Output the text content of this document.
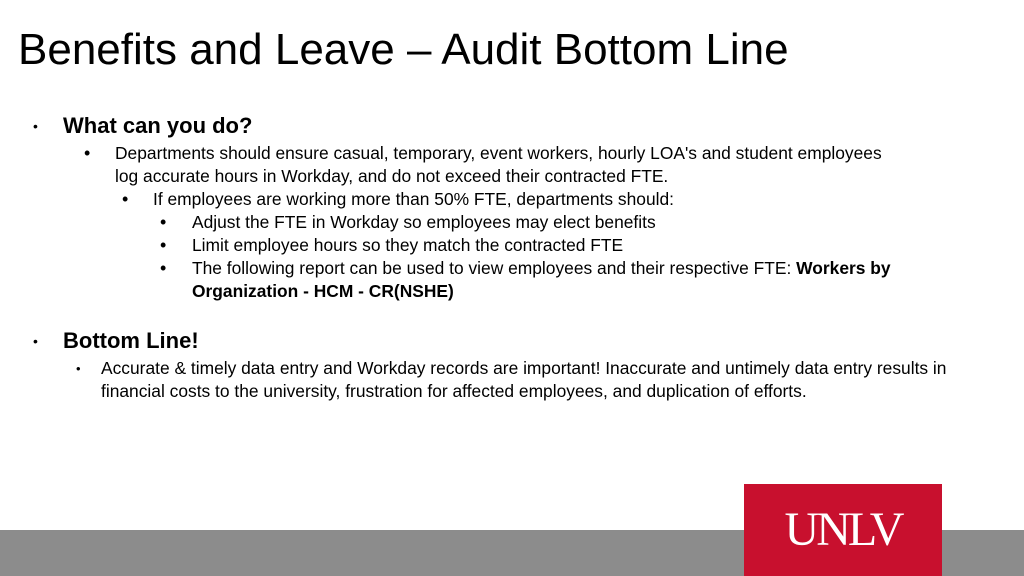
Benefits and Leave – Audit Bottom Line
•	What can you do?
•	Departments should ensure casual, temporary, event workers, hourly LOA's and student employees log accurate hours in Workday, and do not exceed their contracted FTE.
•	If employees are working more than 50% FTE, departments should:
•	Adjust the FTE in Workday so employees may elect benefits
•	Limit employee hours so they match the contracted FTE
•	The following report can be used to view employees and their respective FTE: Workers by Organization - HCM - CR(NSHE)
•	Bottom Line!
•	Accurate & timely data entry and Workday records are important! Inaccurate and untimely data entry results in financial costs to the university, frustration for affected employees, and duplication of efforts.
UNLV
